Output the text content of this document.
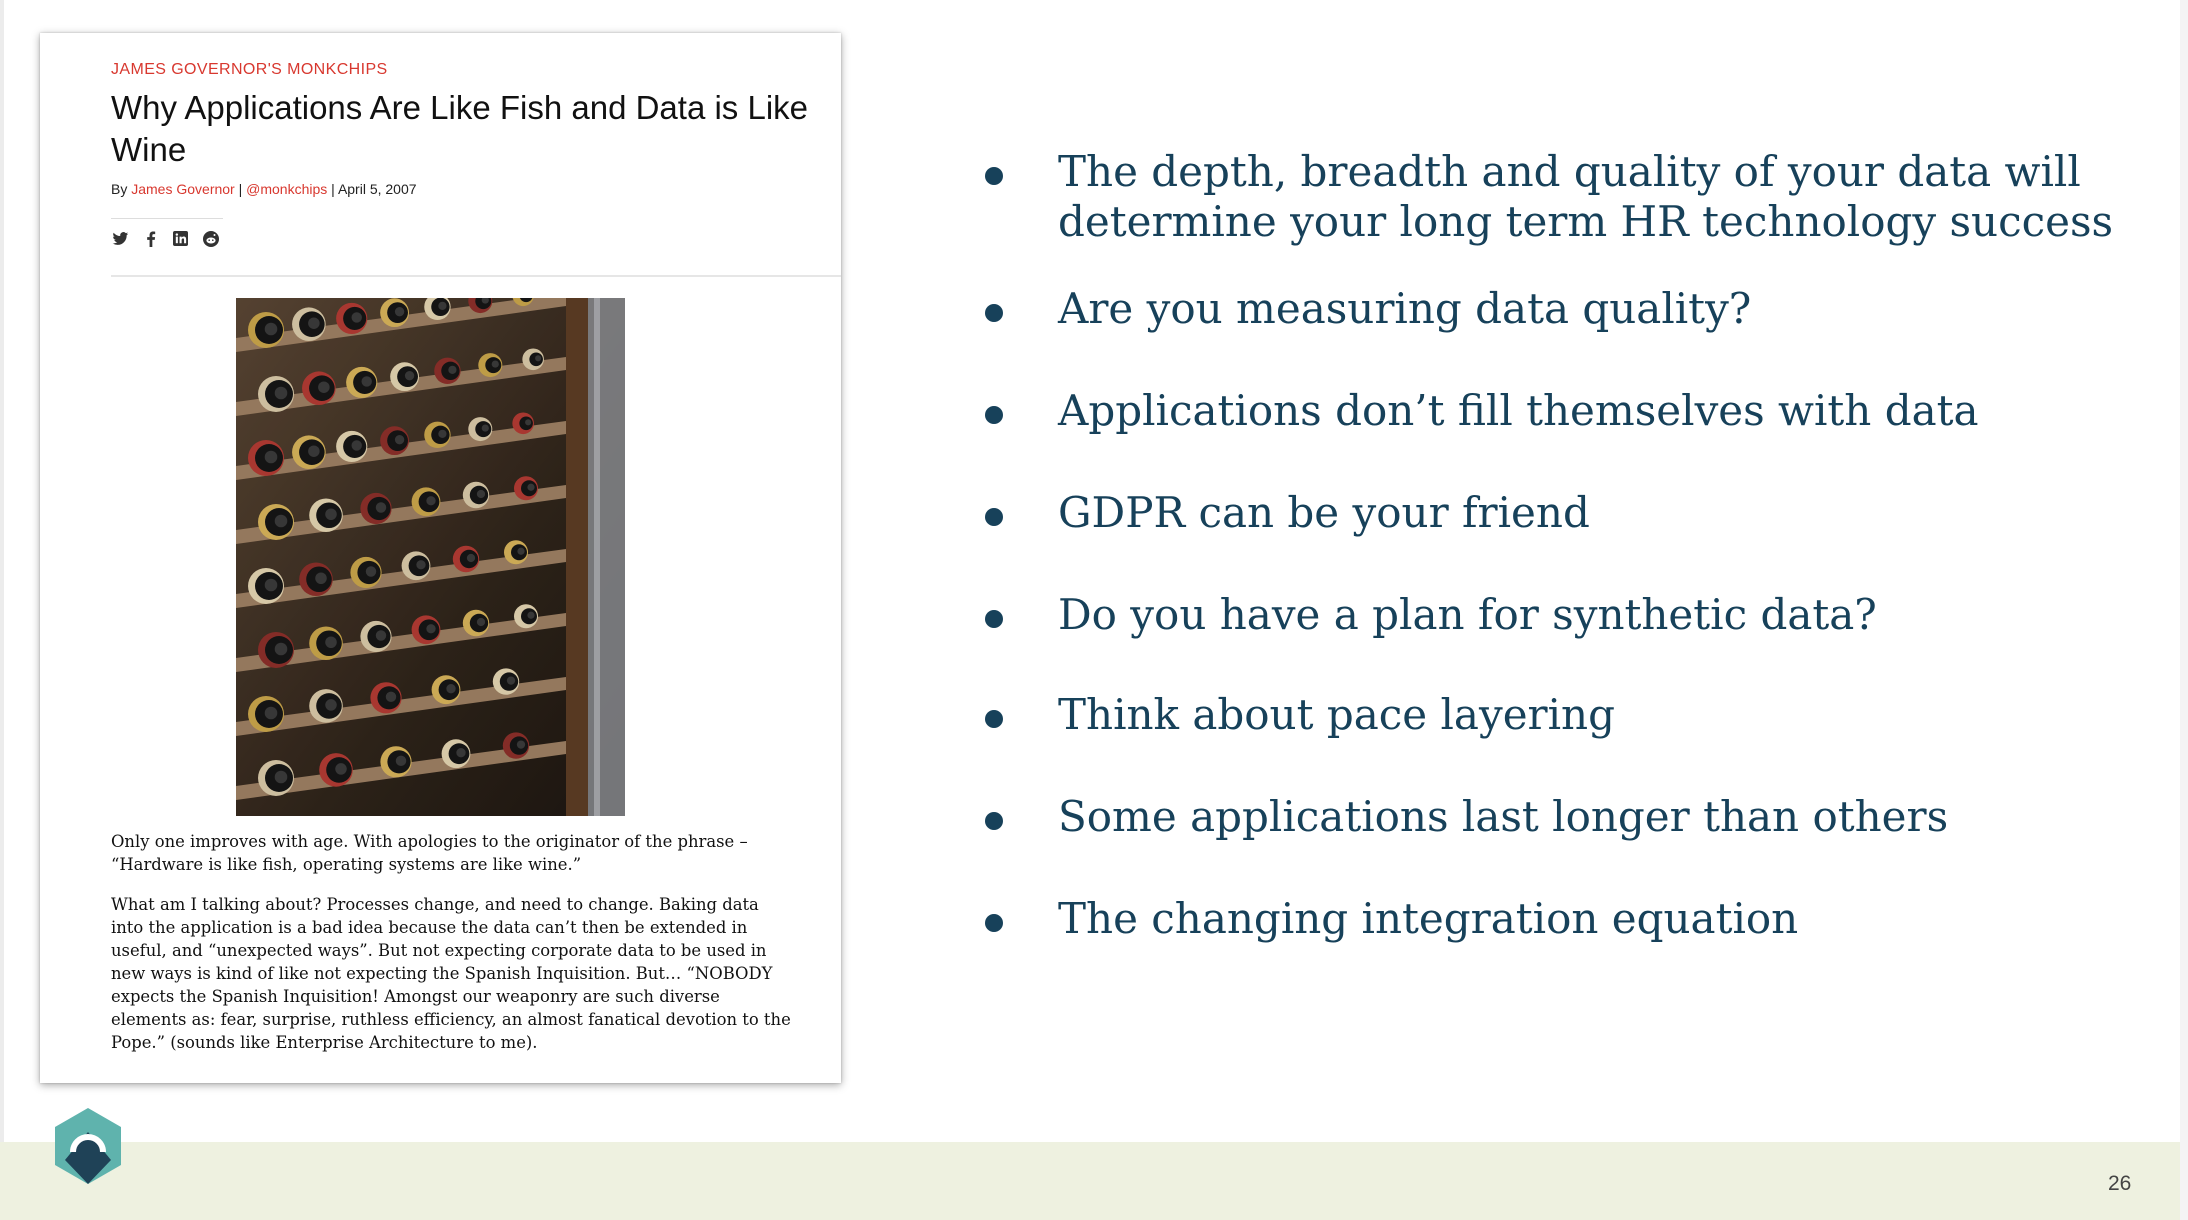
JAMES GOVERNOR'S MONKCHIPS
Why Applications Are Like Fish and Data is Like Wine
By James Governor | @monkchips | April 5, 2007
Only one improves with age. With apologies to the originator of the phrase – “Hardware is like fish, operating systems are like wine.”
What am I talking about? Processes change, and need to change. Baking data into the application is a bad idea because the data can’t then be extended in useful, and “unexpected ways”. But not expecting corporate data to be used in new ways is kind of like not expecting the Spanish Inquisition. But… “NOBODY expects the Spanish Inquisition! Amongst our weaponry are such diverse elements as: fear, surprise, ruthless efficiency, an almost fanatical devotion to the Pope.” (sounds like Enterprise Architecture to me).
The depth, breadth and quality of your data will determine your long term HR technology success
Are you measuring data quality?
Applications don’t fill themselves with data
GDPR can be your friend
Do you have a plan for synthetic data?
Think about pace layering
Some applications last longer than others
The changing integration equation
26
